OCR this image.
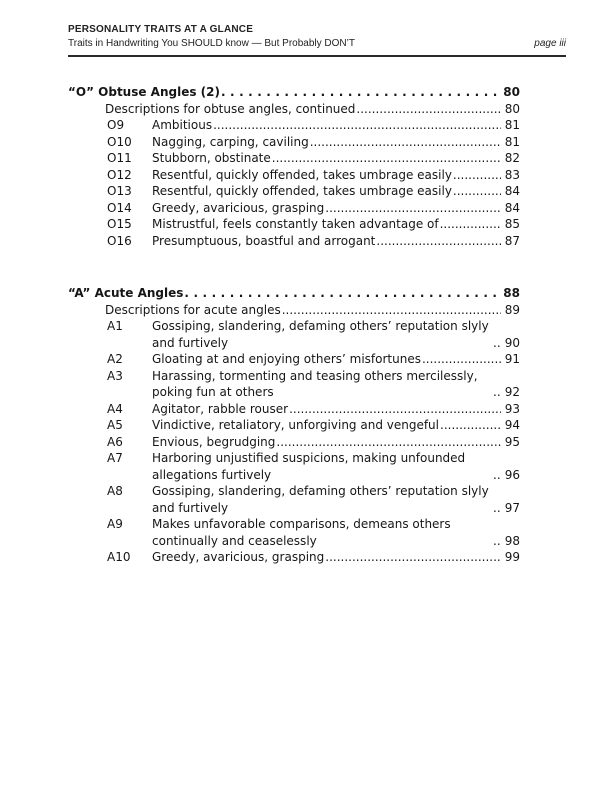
PERSONALITY TRAITS AT A GLANCE
Traits in Handwriting You SHOULD know — But Probably DON’T	page iii
“O” Obtuse Angles (2) .....	80
Descriptions for obtuse angles, continued .....	80
O9	Ambitious .....	81
O10	Nagging, carping, caviling .....	81
O11	Stubborn, obstinate .....	82
O12	Resentful, quickly offended, takes umbrage easily .....	83
O13	Resentful, quickly offended, takes umbrage easily .....	84
O14	Greedy, avaricious, grasping .....	84
O15	Mistrustful, feels constantly taken advantage of .....	85
O16	Presumptuous, boastful and arrogant .....	87
“A” Acute Angles .....	88
Descriptions for acute angles .....	89
A1	Gossiping, slandering, defaming others’ reputation slyly and furtively .....	90
A2	Gloating at and enjoying others’ misfortunes .....	91
A3	Harassing, tormenting and teasing others mercilessly, poking fun at others .....	92
A4	Agitator, rabble rouser .....	93
A5	Vindictive, retaliatory, unforgiving and vengeful .....	94
A6	Envious, begrudging .....	95
A7	Harboring unjustified suspicions, making unfounded allegations furtively .....	96
A8	Gossiping, slandering, defaming others’ reputation slyly and furtively .....	97
A9	Makes unfavorable comparisons, demeans others continually and ceaselessly .....	98
A10	Greedy, avaricious, grasping .....	99
